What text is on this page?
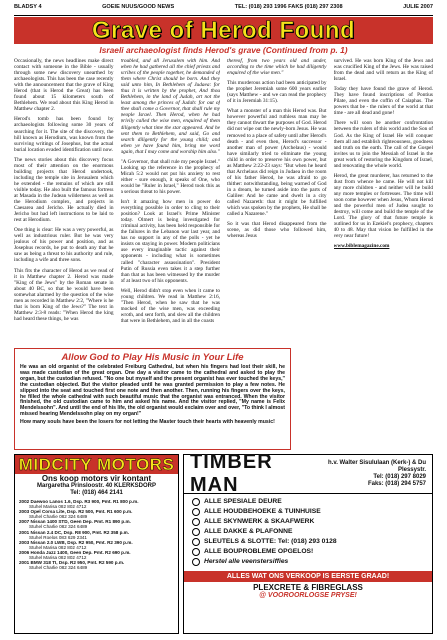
BLADSY 4	GOEIE NUUS/GOOD NEWS	TEL: (018) 293 1996 FAKS (018) 297 2308	JULIE 2007
Grave of Herod Found
Israeli archaeologist finds Herod's grave (Continued from p. 1)

Occasionally, the news headlines make direct contact with someone in the Bible - usually through some new discovery unearthed by archaeologists. This has been the case recently with the announcement that the grave of King Herod (that is Herod the Great) has been found about 15 kilometers south of Bethlehem. We read about this King Herod in Matthew chapter 2.

Herod's tomb has been found by archaeologists following some 30 years of searching for it. The site of the discovery, the hill known as Herodium, was known from the surviving writings of Josephus, but the actual burial location evaded identification until now.

The news stories about this discovery focus most of their attention on the enormous building projects that Herod undertook, including the temple site in Jerusalem which he extended - the remains of which are still visible today. He also built the famous fortress at Masada in the Judean wilderness as well as the Herodium complex, and projects in Caesarea and Jericho. He actually died in Jericho but had left instructions to be laid to rest at Herodium.

One thing is clear: He was a very powerful, as well as industrious ruler. But he was very jealous of his power and position, and as Josephus records, he put to death any that he saw as being a threat to his authority and rule, including a wife and three sons.

This fits the character of Herod as we read of it in Matthew chapter 2. Herod was made "King of the Jews" by the Roman senate in about 40 BC, so that he would have been somewhat alarmed by the question of the wise men as recorded in Matthew 2:2, "Where is he that is born King of the Jews?" The text in Matthew 2:3-8 reads: "When Herod the king had heard these things, he was

troubled, and all Jerusalem with him. And when he had gathered all the chief priests and scribes of the people together, he demanded of them where Christ should be born. And they said unto him, In Bethlehem of Judaea: for thus it is written by the prophet, And thou Bethlehem, in the land of Judah, art not the least among the princes of Judah: for out of thee shall come a Governor, that shall rule my people Israel. Then Herod, when he had privily called the wise men, enquired of them diligently what time the star appeared. And he sent them to Bethlehem, and said, Go and search diligently for the young child; and when ye have found him, bring me word again, that I may come and worship him also."

"A Governor, that shall rule my people Israel." Looking up the reference in the prophecy of Micah 5:2 would not put his anxiety to rest either - sure enough, it speaks of One, who would be "Ruler in Israel," Herod took this as a serious threat to his power.

Isn't it amazing how men in power do everything possible in order to cling to their position? Look at Israel's Prime Minister today. Olmert is being investigated for criminal activity, has been held responsible for the failures in the Lebanon war last year, and has no support in any of the polls - yet he insists on staying in power. Modern politicians use every imaginable tactic against their opponents - including what is sometimes called "character assassination". President Putin of Russia even takes it a step further than that as has been witnessed by the murder of at least two of his opponents.

Well, Herod didn't stop even when it came to young children. We read in Matthew 2:16, "Then Herod, when he saw that he was mocked of the wise men, was exceeding wroth, and sent forth, and slew all the children that were in Bethlehem, and in all the coasts

thereof, from two years old and under, according to the time which he had diligently enquired of the wise men."

This murderous action had been anticipated by the prophet Jeremiah some 600 years earlier (says Matthew - and we can read the prophecy of it in Jeremiah 31:15).

What a monster of a man this Herod was. But however powerful and ruthless man may be they cannot thwart the purposes of God. Herod did not wipe out the newly-born Jesus. He was removed to a place of safety until after Herod's death - and even then, Herod's successor - another man of power (Archelaus) - would have similarly tried to eliminate the young child in order to preserve his own power, but as Matthew 2:22-23 says: "But when he heard that Archelaus did reign in Judaea in the room of his father Herod, he was afraid to go thither: notwithstanding, being warned of God in a dream, he turned aside into the parts of Galilee: And he came and dwelt in a city called Nazareth: that it might be fulfilled which was spoken by the prophets, He shall be called a Nazarene."

So it was that Herod disappeared from the scene, as did those who followed him, whereas Jesus

survived. He was born King of the Jews and was crucified King of the Jews. He was raised from the dead and will return as the King of Israel.

Today they have found the grave of Herod. They have found inscriptions of Pontius Pilate, and even the coffin of Caiaphas. The powers that be - the rulers of the world at that time - are all dead and gone!

There will soon be another confrontation between the rulers of this world and the Son of God. As the King of Israel He will conquer them all and establish righteousness, goodness and truth on the earth. The call of the Gospel invites us to join the Messiah of Israel in the great work of restoring the Kingdom of Israel, and renovating the whole world.

Herod, the great murderer, has returned to the dust from whence he came. He will not kill any more children - and neither will he build any more temples or fortresses. The time will soon come however when Jesus, Whom Herod and the powerful men of Judea sought to destroy, will come and build the temple of the Lord. The glory of that future temple is outlined for us in Ezekiel's prophecy, chapters 40 to 48. May that vision be fulfilled in the very near future!

www.biblemagazine.com

Allow God to Play His Music in Your Life
He was an old organist of the celebrated Freiburg Cathedral, but when his fingers had lost their skill, he was made custodian of the great organ. One day a visitor came to the cathedral and asked to play the organ, but the custodian refused. "No one but myself and the present organist has ever touched the keys," the custodian objected. But the visitor pleaded until he was granted permission to play a few notes. He slipped into the seat and touched first one note and then another. Then, running his fingers over the keys, he filled the whole cathedral with such beautiful music that the organist was entranced. When the visitor finished, the old custodian came to him and asked his name. And the visitor replied, "My name is Felix Mendelssohn". And until the end of his life, the old organist would exclaim over and over, "To think I almost missed hearing Mendelssohn play on my organ!"
How many souls have been the losers for not letting the Master touch their hearts with heavenly music!
MIDCITY MOTORS
Ons koop motors vir kontant
Margaretha Prinsloostr. 40 KLERKSDORP
Tel: (018) 464 2141
2002 Daewoo Lanos 1.6, Dsp. R3 900, Pmt. R1 800 p.m.
Stuhel Marisa 082 802 4712
2003 Opel Corsa Lite, Dsp. R2 500, Pmt. R1 600 p.m.
Stuhel Charlie 082 324 6489
2007 Nissan 1400 STD, Geen Dep. Pmt. R1 890 p.m.
Stuhel Charlie 082 324 6489
2001 Nissan 2.4 DC, Dsp. R8 900, Pmt. R2 358 p.m.
Stuhel Roelos 083 629 2341
2003 Nissan 2.0 LWB, Dsp. R2 950, Pmt. R2 390 p.m.
Stuhel Marisa 082 802 4712
2006 Honda Jazz 1400, Geen Dep. Pmt. R2 690 p.m.
Stuhel Marisa 082 802 4712
2001 BMW 318 TI, Dsp. R2 950, Pmt. R2 590 p.m.
Stuhel Charlie 082 324 6489
TIMBER MAN
h.v. Walter Sisululaan (Kerk-) & Du Plessystr.
Tel: (018) 297 8029
Faks: (018) 294 5757
ALLE SPESIALE DEURE
ALLE HOUDBEHOEKE & TUINHUISE
ALLE SKYNWERK & SKAAFWERK
ALLE DAKKE & PLAFONNE
SLEUTELS & SLOTTE: Tel: (018) 293 0128
ALLE BOUPROBLEME OPGELOS!
Herstel alle veenstersiffies
ALLES WAT ONS VERKOOP IS EERSTE GRAAD!
PLEXCRETE & FIBREGLASS
@ VOOROORLOGSE PRYSE!
